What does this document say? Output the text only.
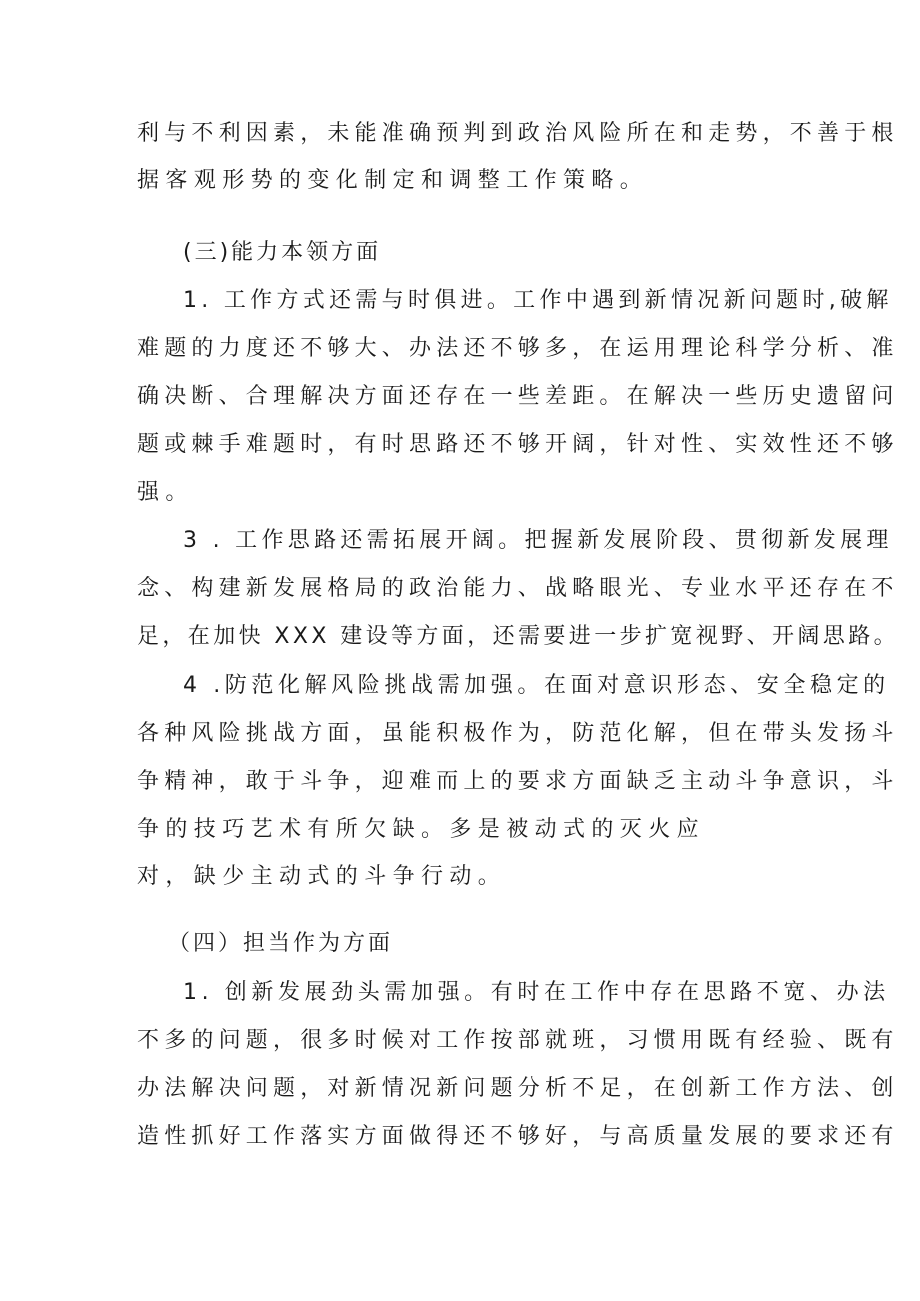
利与不利因素，未能准确预判到政治风险所在和走势，不善于根
据客观形势的变化制定和调整工作策略。
(三)能力本领方面
1. 工作方式还需与时俱进。工作中遇到新情况新问题时,破解
难题的力度还不够大、办法还不够多，在运用理论科学分析、准
确决断、合理解决方面还存在一些差距。在解决一些历史遗留问
题或棘手难题时，有时思路还不够开阔，针对性、实效性还不够
强。
3 . 工作思路还需拓展开阔。把握新发展阶段、贯彻新发展理
念、构建新发展格局的政治能力、战略眼光、专业水平还存在不
足，在加快 XXX 建设等方面，还需要进一步扩宽视野、开阔思路。
4 .防范化解风险挑战需加强。在面对意识形态、安全稳定的
各种风险挑战方面，虽能积极作为，防范化解，但在带头发扬斗
争精神，敢于斗争，迎难而上的要求方面缺乏主动斗争意识，斗
争的技巧艺术有所欠缺。多是被动式的灭火应
对，缺少主动式的斗争行动。
（四）担当作为方面
1. 创新发展劲头需加强。有时在工作中存在思路不宽、办法
不多的问题，很多时候对工作按部就班，习惯用既有经验、既有
办法解决问题，对新情况新问题分析不足，在创新工作方法、创
造性抓好工作落实方面做得还不够好，与高质量发展的要求还有
